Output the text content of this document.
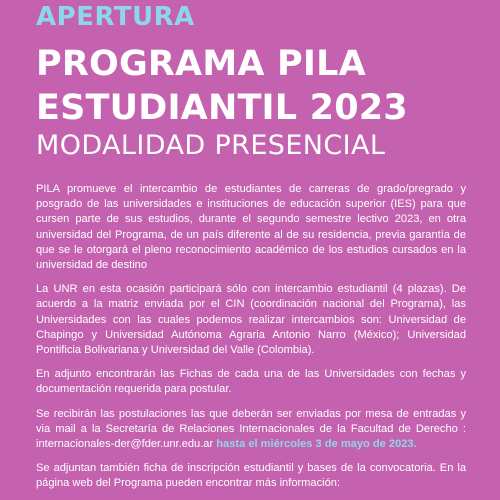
APERTURA
PROGRAMA PILA
ESTUDIANTIL 2023
MODALIDAD PRESENCIAL

PILA promueve el intercambio de estudiantes de carreras de grado/pregrado y posgrado de las universidades e instituciones de educación superior (IES) para que cursen parte de sus estudios, durante el segundo semestre lectivo 2023, en otra universidad del Programa, de un país diferente al de su residencia, previa garantía de que se le otorgará el pleno reconocimiento académico de los estudios cursados en la universidad de destino

La UNR en esta ocasión participará sólo con intercambio estudiantil (4 plazas). De acuerdo a la matriz enviada por el CIN (coordinación nacional del Programa), las Universidades con las cuales podemos realizar intercambios son: Universidad de Chapingo y Universidad Autónoma Agraria Antonio Narro (México); Universidad Pontificia Bolivariana y Universidad del Valle (Colombia).

En adjunto encontrarán las Fichas de cada una de las Universidades con fechas y documentación requerida para postular.

Se recibirán las postulaciones las que deberán ser enviadas por mesa de entradas y via mail a la Secretaría de Relaciones Internacionales de la Facultad de Derecho : internacionales-der@fder.unr.edu.ar hasta el miércoles 3 de mayo de 2023.

Se adjuntan también ficha de inscripción estudiantil y bases de la convocatoria. En la página web del Programa pueden encontrar más información:
